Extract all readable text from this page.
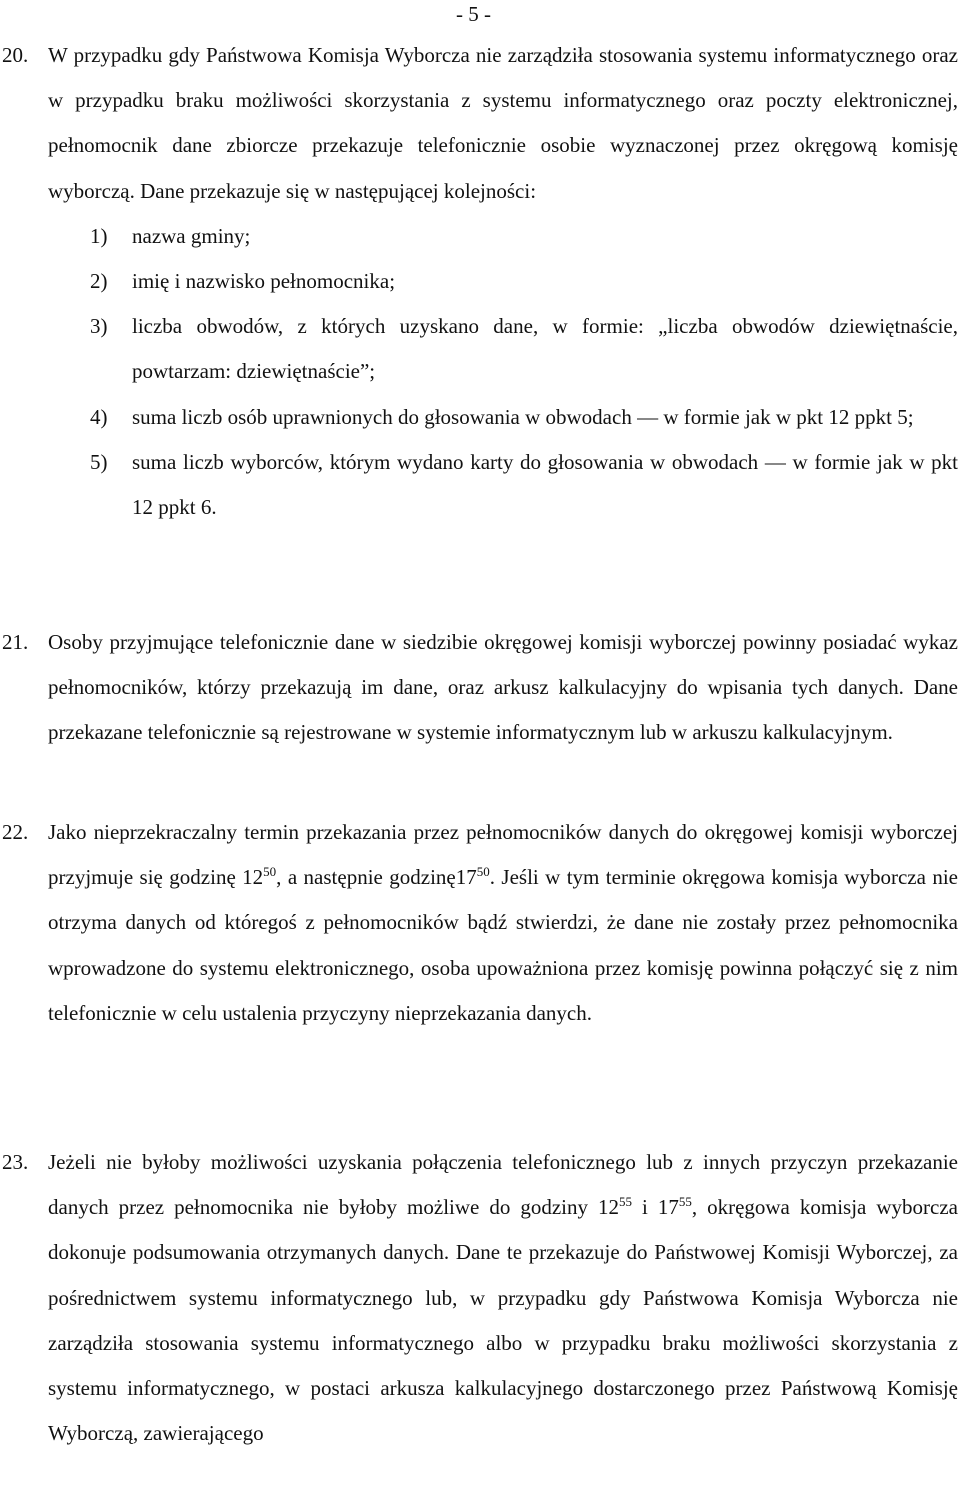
- 5 -
20. W przypadku gdy Państwowa Komisja Wyborcza nie zarządziła stosowania systemu informatycznego oraz w przypadku braku możliwości skorzystania z systemu informatycznego oraz poczty elektronicznej, pełnomocnik dane zbiorcze przekazuje telefonicznie osobie wyznaczonej przez okręgową komisję wyborczą. Dane przekazuje się w następującej kolejności:

1) nazwa gminy;
2) imię i nazwisko pełnomocnika;
3) liczba obwodów, z których uzyskano dane, w formie: „liczba obwodów dziewiętnaście, powtarzam: dziewiętnaście”;
4) suma liczb osób uprawnionych do głosowania w obwodach — w formie jak w pkt 12 ppkt 5;
5) suma liczb wyborców, którym wydano karty do głosowania w obwodach — w formie jak w pkt 12 ppkt 6.
21. Osoby przyjmujące telefonicznie dane w siedzibie okręgowej komisji wyborczej powinny posiadać wykaz pełnomocników, którzy przekazują im dane, oraz arkusz kalkulacyjny do wpisania tych danych. Dane przekazane telefonicznie są rejestrowane w systemie informatycznym lub w arkuszu kalkulacyjnym.

22. Jako nieprzekraczalny termin przekazania przez pełnomocników danych do okręgowej komisji wyborczej przyjmuje się godzinę $12^{50}$, a następnie $godzinę17^{50}$. Jeśli w tym terminie okręgowa komisja wyborcza nie otrzyma danych od któregoś z pełnomocników bądź stwierdzi, że dane nie zostały przez pełnomocnika wprowadzone do systemu elektronicznego, osoba upoważniona przez komisję powinna połączyć się z nim telefonicznie w celu ustalenia przyczyny nieprzekazania danych.

23. Jeżeli nie byłoby możliwości uzyskania połączenia telefonicznego lub z innych przyczyn przekazanie danych przez pełnomocnika nie byłoby możliwe do godziny $12^{55}$ i $17^{55}$, okręgowa komisja wyborcza dokonuje podsumowania otrzymanych danych. Dane te przekazuje do Państwowej Komisji Wyborczej, za pośrednictwem systemu informatycznego lub, w przypadku gdy Państwowa Komisja Wyborcza nie zarządziła stosowania systemu informatycznego albo w przypadku braku możliwości skorzystania z systemu informatycznego, w postaci arkusza kalkulacyjnego dostarczonego przez Państwową Komisję Wyborczą, zawierającego
